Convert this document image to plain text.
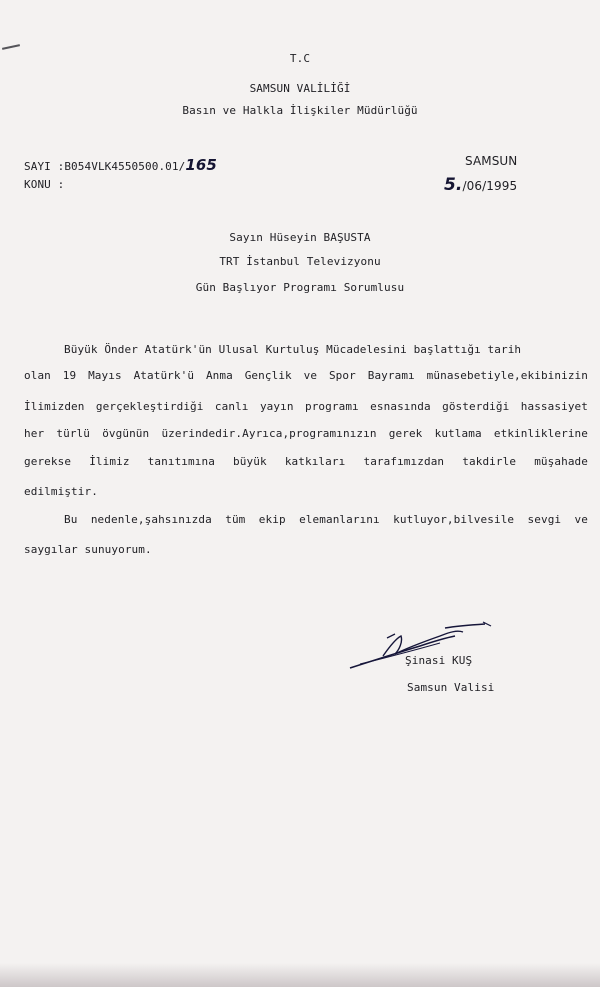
T.C
SAMSUN VALİLİĞİ
Basın ve Halkla İlişkiler Müdürlüğü
SAYI :B054VLK4550500.01/165
KONU :
SAMSUN
5./06/1995
Sayın Hüseyin BAŞUSTA
TRT İstanbul Televizyonu
Gün Başlıyor Programı Sorumlusu
Büyük Önder Atatürk'ün Ulusal Kurtuluş Mücadelesini başlattığı tarih
olan 19 Mayıs Atatürk'ü Anma Gençlik ve Spor Bayramı münasebetiyle,ekibinizin
İlimizden gerçekleştirdiği canlı yayın programı esnasında gösterdiği hassasiyet
her türlü övgünün üzerindedir.Ayrıca,programınızın gerek kutlama etkinliklerine
gerekse İlimiz tanıtımına büyük katkıları tarafımızdan takdirle müşahade
edilmiştir.
Bu nedenle,şahsınızda tüm ekip elemanlarını kutluyor,bilvesile sevgi ve
saygılar sunuyorum.
Şinasi KUŞ
Samsun Valisi
